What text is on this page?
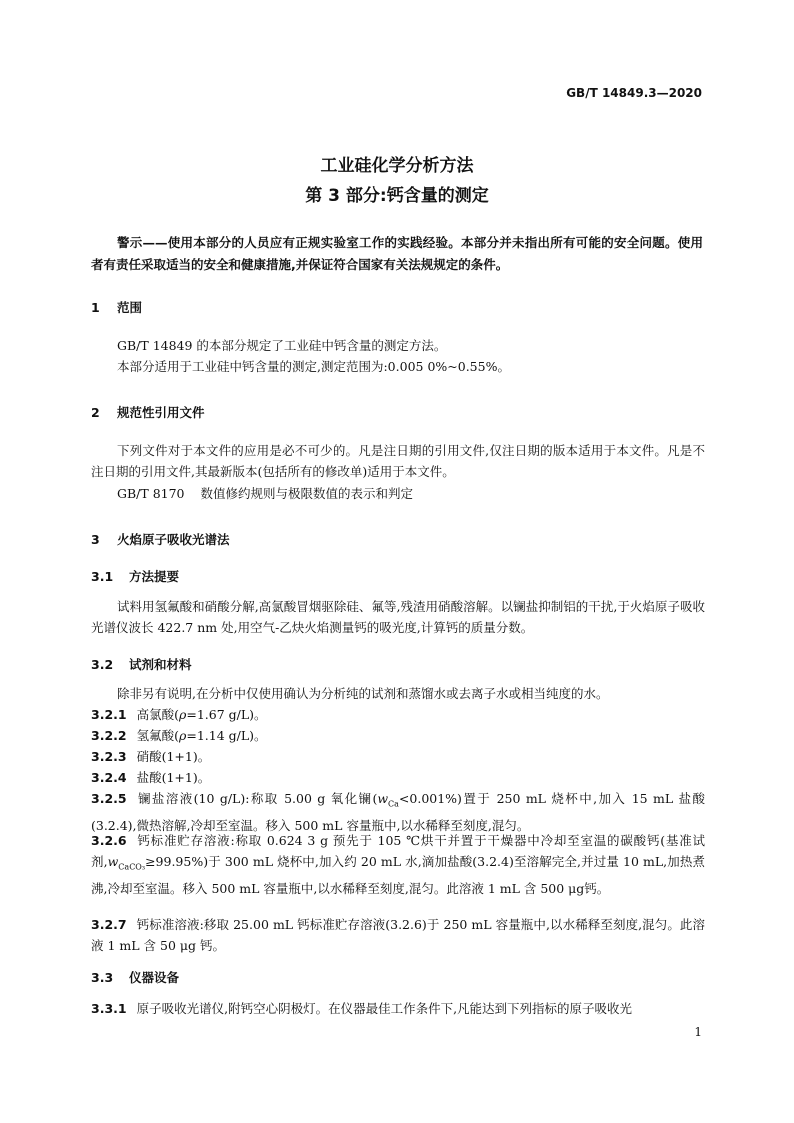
GB/T 14849.3—2020
工业硅化学分析方法
第 3 部分:钙含量的测定
警示——使用本部分的人员应有正规实验室工作的实践经验。本部分并未指出所有可能的安全问题。使用者有责任采取适当的安全和健康措施,并保证符合国家有关法规规定的条件。
1 范围
GB/T 14849 的本部分规定了工业硅中钙含量的测定方法。
本部分适用于工业硅中钙含量的测定,测定范围为:0.005 0%~0.55%。
2 规范性引用文件
下列文件对于本文件的应用是必不可少的。凡是注日期的引用文件,仅注日期的版本适用于本文件。凡是不注日期的引用文件,其最新版本(包括所有的修改单)适用于本文件。
GB/T 8170 数值修约规则与极限数值的表示和判定
3 火焰原子吸收光谱法
3.1 方法提要
试料用氢氟酸和硝酸分解,高氯酸冒烟驱除硅、氟等,残渣用硝酸溶解。以镧盐抑制铝的干扰,于火焰原子吸收光谱仪波长 422.7 nm 处,用空气-乙炔火焰测量钙的吸光度,计算钙的质量分数。
3.2 试剂和材料
除非另有说明,在分析中仅使用确认为分析纯的试剂和蒸馏水或去离子水或相当纯度的水。
3.2.1 高氯酸(ρ=1.67 g/L)。
3.2.2 氢氟酸(ρ=1.14 g/L)。
3.2.3 硝酸(1+1)。
3.2.4 盐酸(1+1)。
3.2.5 镧盐溶液(10 g/L):称取 5.00 g 氧化镧$(w_{Ca}<0.001\%)$置于 250 mL 烧杯中,加入 15 mL 盐酸(3.2.4),微热溶解,冷却至室温。移入 500 mL 容量瓶中,以水稀释至刻度,混匀。
3.2.6 钙标准贮存溶液:称取 0.624 3 g 预先于 105 ℃烘干并置于干燥器中冷却至室温的碳酸钙(基准试剂$,w_{CaCO_3}\ge 99.95\%$)于 300 mL 烧杯中,加入约 20 mL 水,滴加盐酸(3.2.4)至溶解完全,并过量 10 mL,加热煮沸,冷却至室温。移入 500 mL 容量瓶中,以水稀释至刻度,混匀。此溶液 1 mL 含 500 μg钙。
3.2.7 钙标准溶液:移取 25.00 mL 钙标准贮存溶液(3.2.6)于 250 mL 容量瓶中,以水稀释至刻度,混匀。此溶液 1 mL 含 50 μg 钙。
3.3 仪器设备
3.3.1 原子吸收光谱仪,附钙空心阴极灯。在仪器最佳工作条件下,凡能达到下列指标的原子吸收光
1
